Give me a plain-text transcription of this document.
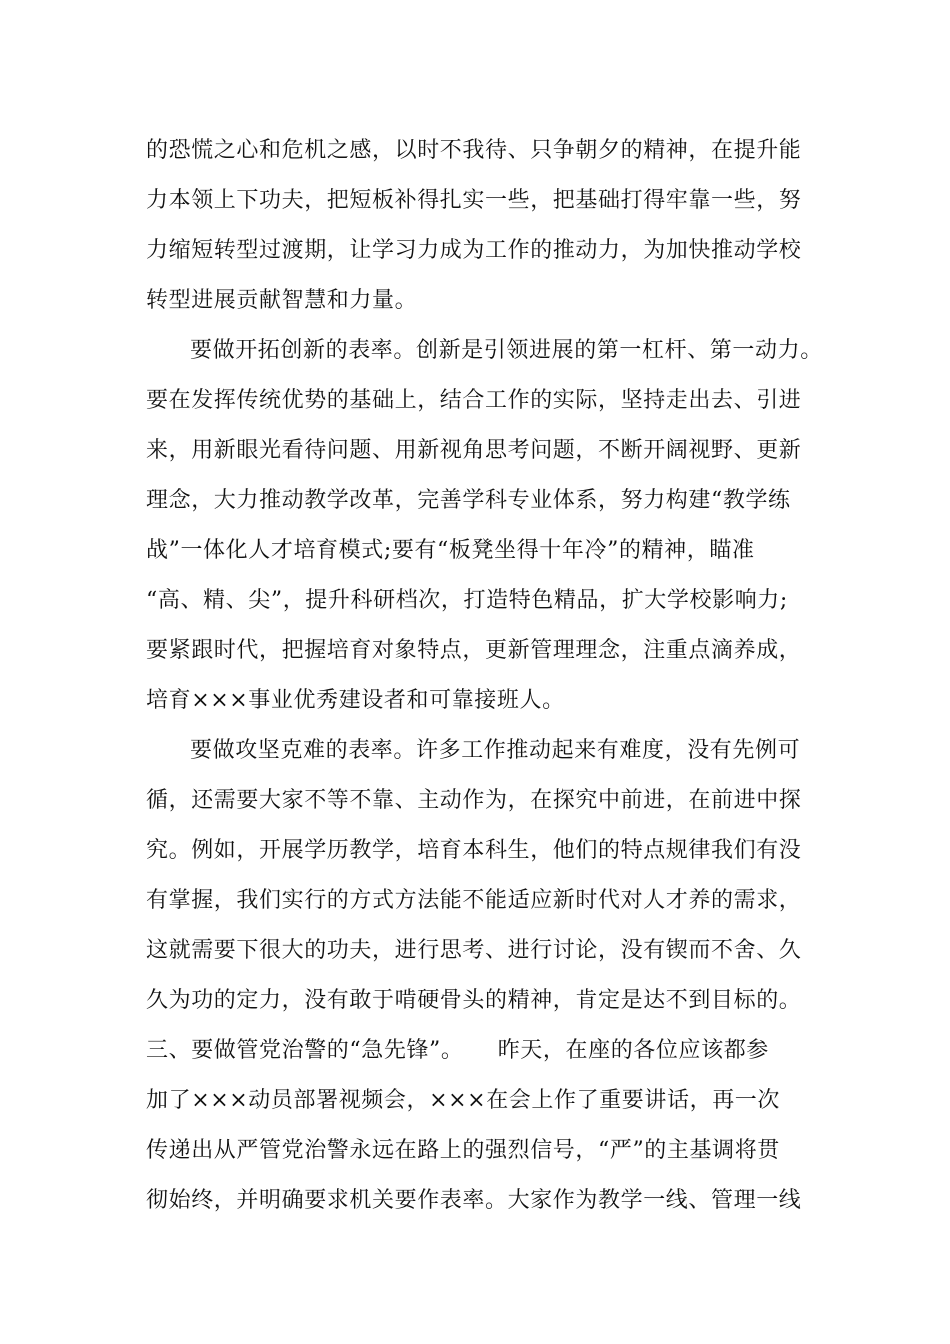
的恐慌之心和危机之感，以时不我待、只争朝夕的精神，在提升能
力本领上下功夫，把短板补得扎实一些，把基础打得牢靠一些，努
力缩短转型过渡期，让学习力成为工作的推动力，为加快推动学校
转型进展贡献智慧和力量。
要做开拓创新的表率。创新是引领进展的第一杠杆、第一动力。
要在发挥传统优势的基础上，结合工作的实际，坚持走出去、引进
来，用新眼光看待问题、用新视角思考问题，不断开阔视野、更新
理念，大力推动教学改革，完善学科专业体系，努力构建“教学练
战”一体化人才培育模式;要有“板凳坐得十年冷”的精神，瞄准
“高、精、尖”，提升科研档次，打造特色精品，扩大学校影响力;
要紧跟时代，把握培育对象特点，更新管理理念，注重点滴养成，
培育×××事业优秀建设者和可靠接班人。
要做攻坚克难的表率。许多工作推动起来有难度，没有先例可
循，还需要大家不等不靠、主动作为，在探究中前进，在前进中探
究。例如，开展学历教学，培育本科生，他们的特点规律我们有没
有掌握，我们实行的方式方法能不能适应新时代对人才养的需求，
这就需要下很大的功夫，进行思考、进行讨论，没有锲而不舍、久
久为功的定力，没有敢于啃硬骨头的精神，肯定是达不到目标的。
三、要做管党治警的“急先锋”。　　昨天，在座的各位应该都参
加了×××动员部署视频会，×××在会上作了重要讲话，再一次
传递出从严管党治警永远在路上的强烈信号，“严”的主基调将贯
彻始终，并明确要求机关要作表率。大家作为教学一线、管理一线
